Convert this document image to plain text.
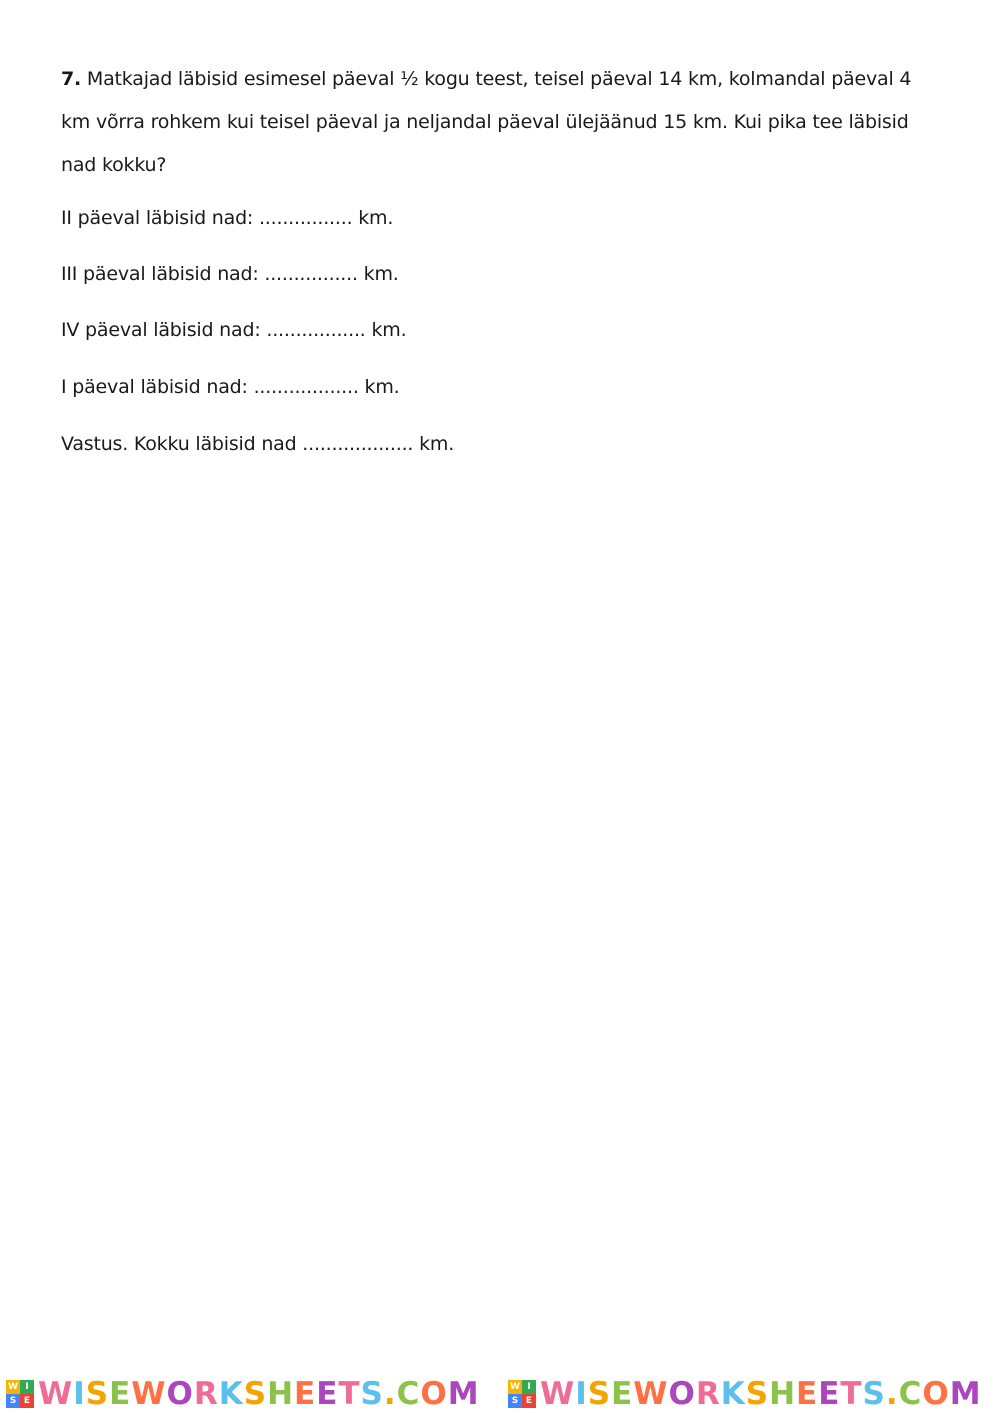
7. Matkajad läbisid esimesel päeval ½ kogu teest, teisel päeval 14 km, kolmandal päeval 4 km võrra rohkem kui teisel päeval ja neljandal päeval ülejäänud 15 km. Kui pika tee läbisid nad kokku?
II päeval läbisid nad: ................ km.
III päeval läbisid nad: ................ km.
IV päeval läbisid nad: ................. km.
I päeval läbisid nad: .................. km.
Vastus. Kokku läbisid nad ................... km.
W I
S E WISEWORKSHEETS.COM	W I
S E WISEWORKSHEETS.COM
